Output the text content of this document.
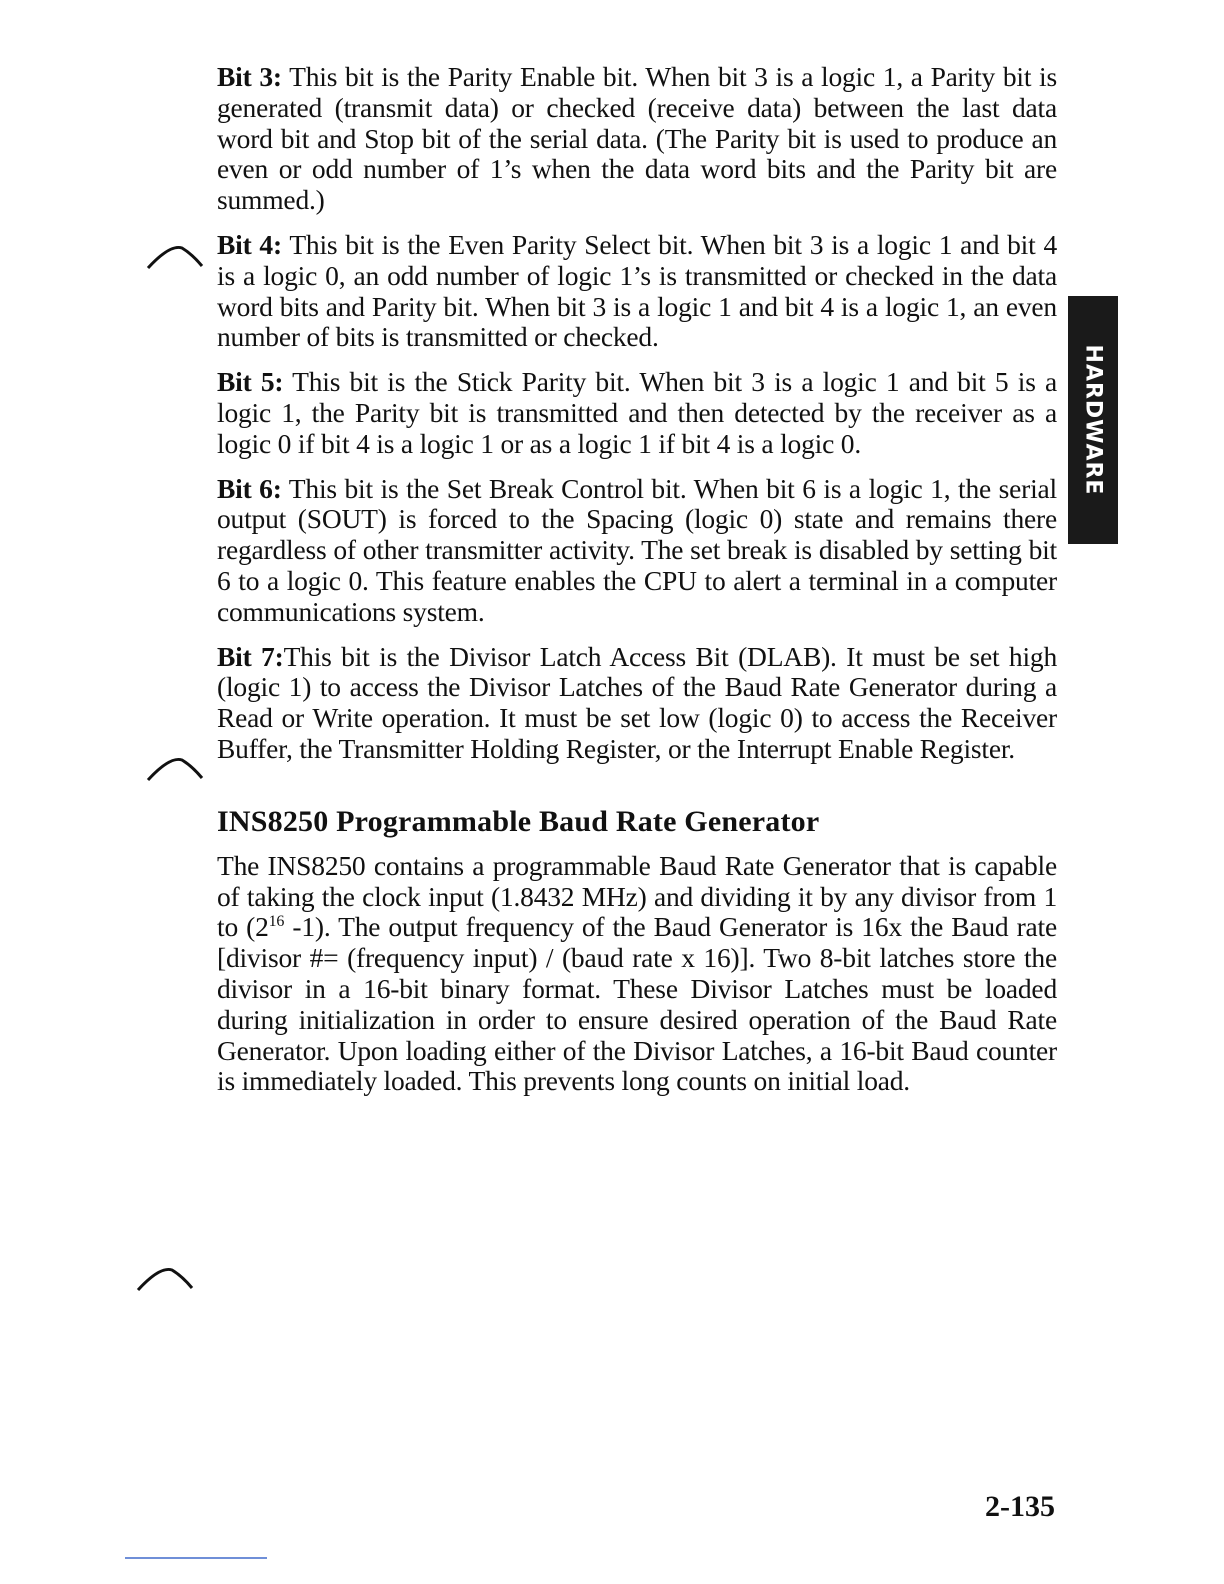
Bit 3: This bit is the Parity Enable bit. When bit 3 is a logic 1, a Parity bit is generated (transmit data) or checked (receive data) between the last data word bit and Stop bit of the serial data. (The Parity bit is used to produce an even or odd number of 1’s when the data word bits and the Parity bit are summed.)

Bit 4: This bit is the Even Parity Select bit. When bit 3 is a logic 1 and bit 4 is a logic 0, an odd number of logic 1’s is transmitted or checked in the data word bits and Parity bit. When bit 3 is a logic 1 and bit 4 is a logic 1, an even number of bits is transmitted or checked.

Bit 5: This bit is the Stick Parity bit. When bit 3 is a logic 1 and bit 5 is a logic 1, the Parity bit is transmitted and then detected by the receiver as a logic 0 if bit 4 is a logic 1 or as a logic 1 if bit 4 is a logic 0.

Bit 6: This bit is the Set Break Control bit. When bit 6 is a logic 1, the serial output (SOUT) is forced to the Spacing (logic 0) state and remains there regardless of other transmitter activity. The set break is disabled by setting bit 6 to a logic 0. This feature enables the CPU to alert a terminal in a computer communications system.

Bit 7:This bit is the Divisor Latch Access Bit (DLAB). It must be set high (logic 1) to access the Divisor Latches of the Baud Rate Generator during a Read or Write operation. It must be set low (logic 0) to access the Receiver Buffer, the Transmitter Holding Register, or the Interrupt Enable Register.

INS8250 Programmable Baud Rate Generator

The INS8250 contains a programmable Baud Rate Generator that is capable of taking the clock input (1.8432 MHz) and dividing it by any divisor from 1 to ($2^{16}$ -1). The output frequency of the Baud Generator is 16x the Baud rate [divisor #= (frequency input) / (baud rate x 16)]. Two 8-bit latches store the divisor in a 16-bit binary format. These Divisor Latches must be loaded during initialization in order to ensure desired operation of the Baud Rate Generator. Upon loading either of the Divisor Latches, a 16-bit Baud counter is immediately loaded. This prevents long counts on initial load.

HARDWARE
2-135
